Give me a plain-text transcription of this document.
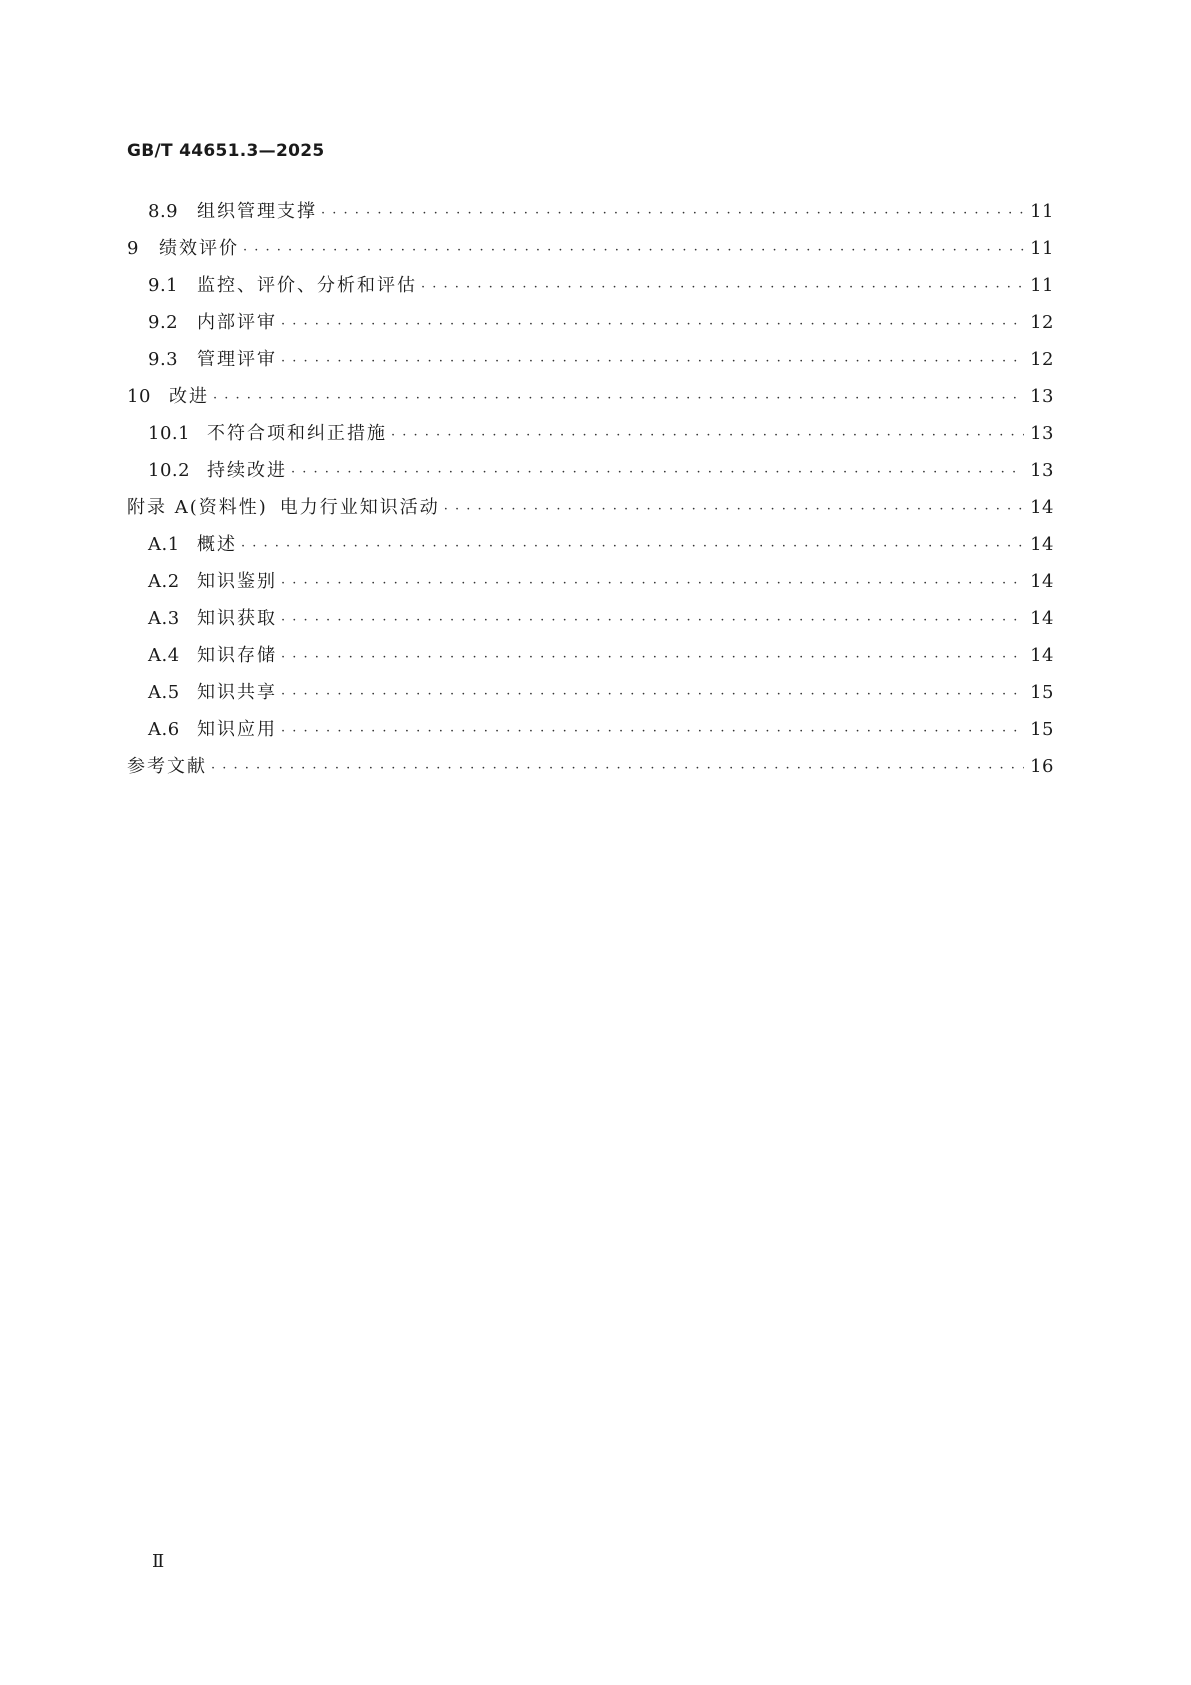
GB/T 44651.3—2025
8.9	组织管理支撑 · · ·	11
9	绩效评价 · · ·	11
9.1	监控、评价、分析和评估 · · ·	11
9.2	内部评审 · · ·	12
9.3	管理评审 · · ·	12
10	改进 · · ·	13
10.1 不符合项和纠正措施 · · ·	13
10.2 持续改进 · · ·	13
附录 A(资料性) 电力行业知识活动 · · ·	14
A.1 概述 · · ·	14
A.2 知识鉴别 · · ·	14
A.3 知识获取 · · ·	14
A.4 知识存储 · · ·	14
A.5 知识共享 · · ·	15
A.6 知识应用 · · ·	15
参考文献 · · ·	16
Ⅱ
